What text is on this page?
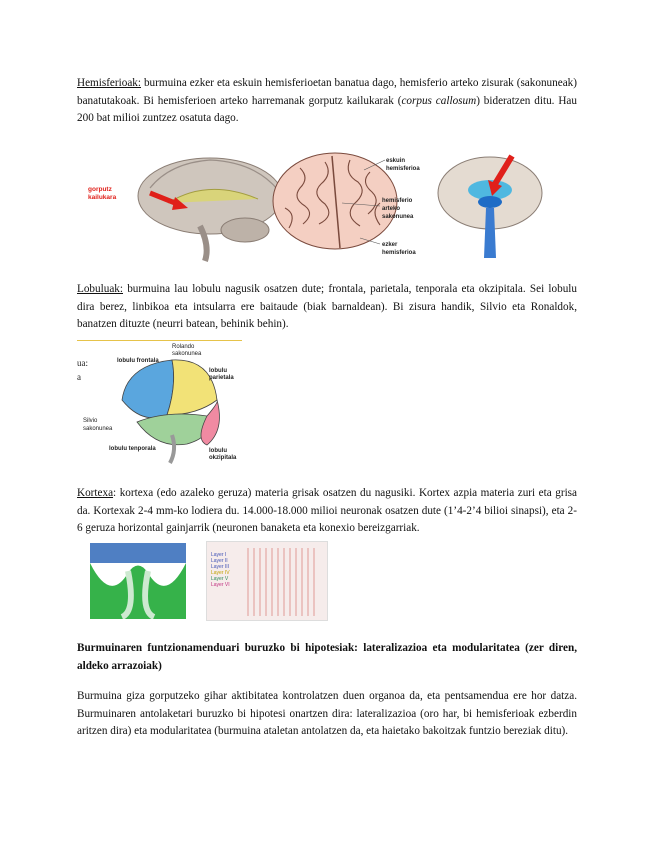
Hemisferioak: burmuina ezker eta eskuin hemisferioetan banatua dago, hemisferio arteko zisurak (sakonuneak) banatutakoak. Bi hemisferioen arteko harremanak gorputz kailukarak (corpus callosum) bideratzen ditu. Hau 200 bat milioi zuntzez osatuta dago.

gorputz
kailukara
eskuin
hemisferioa
hemisferio
arteko
sakonunea
ezker
hemisferioa

Lobuluak: burmuina lau lobulu nagusik osatzen dute; frontala, parietala, tenporala eta okzipitala. Sei lobulu dira berez, linbikoa eta intsularra ere baitaude (biak barnaldean). Bi zisura handik, Silvio eta Ronaldok, banatzen dituzte (neurri batean, behinik behin).

ua:
a
lobulu frontala
Rolando
sakonunea
lobulu
parietala
Silvio
sakonunea
lobulu tenporala	lobulu
okzipitala

Kortexa: kortexa (edo azaleko geruza) materia grisak osatzen du nagusiki. Kortex azpia materia zuri eta grisa da. Kortexak 2-4 mm-ko lodiera du. 14.000-18.000 milioi neuronak osatzen dute (1’4-2’4 bilioi sinapsi), eta 2-6 geruza horizontal gainjarrik (neuronen banaketa eta konexio bereizgarriak.

Layer I
Layer II
Layer III
Layer IV
Layer V
Layer VI

Burmuinaren funtzionamenduari buruzko bi hipotesiak: lateralizazioa eta modularitatea (zer diren, aldeko arrazoiak)

Burmuina giza gorputzeko gihar aktibitatea kontrolatzen duen organoa da, eta pentsamendua ere hor datza. Burmuinaren antolaketari buruzko bi hipotesi onartzen dira: lateralizazioa (oro har, bi hemisferioak ezberdin aritzen dira) eta modularitatea (burmuina ataletan antolatzen da, eta haietako bakoitzak funtzio bereziak ditu).
